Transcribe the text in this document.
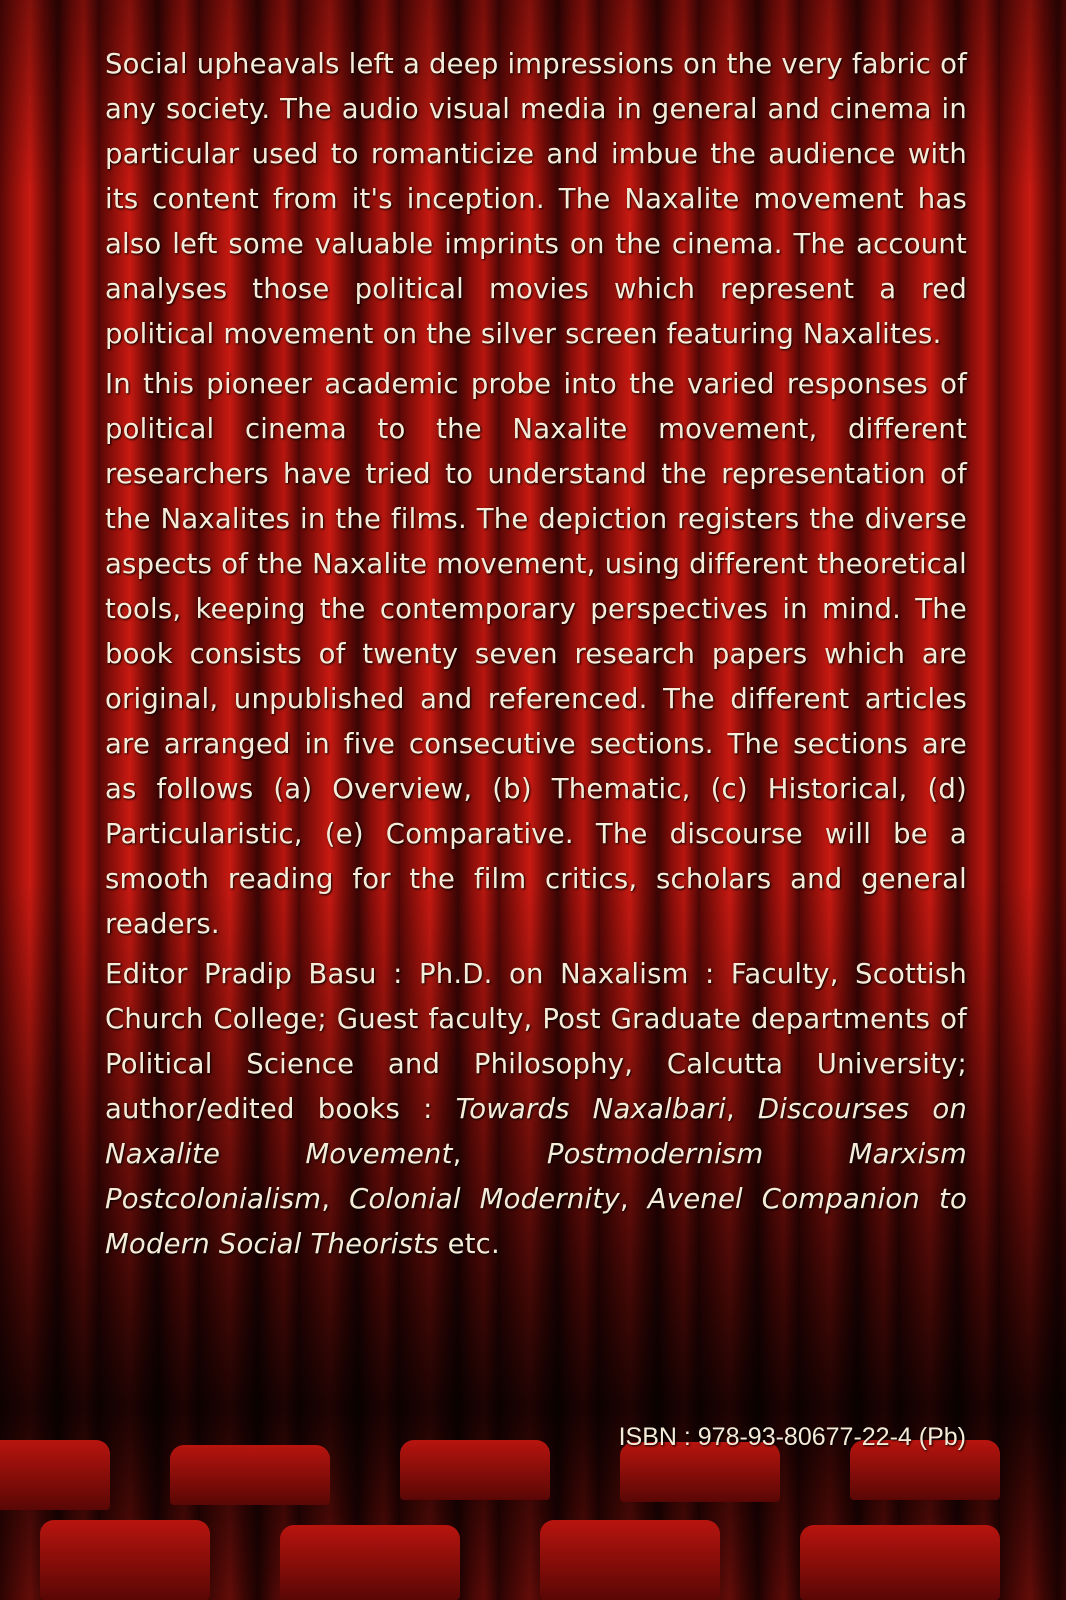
Social upheavals left a deep impressions on the very fabric of any society. The audio visual media in general and cinema in particular used to romanticize and imbue the audience with its content from it's inception. The Naxalite movement has also left some valuable imprints on the cinema. The account analyses those political movies which represent a red political movement on the silver screen featuring Naxalites.

In this pioneer academic probe into the varied responses of political cinema to the Naxalite movement, different researchers have tried to understand the representation of the Naxalites in the films. The depiction registers the diverse aspects of the Naxalite movement, using different theoretical tools, keeping the contemporary perspectives in mind. The book consists of twenty seven research papers which are original, unpublished and referenced. The different articles are arranged in five consecutive sections. The sections are as follows (a) Overview, (b) Thematic, (c) Historical, (d) Particularistic, (e) Comparative. The discourse will be a smooth reading for the film critics, scholars and general readers.

Editor Pradip Basu : Ph.D. on Naxalism : Faculty, Scottish Church College; Guest faculty, Post Graduate departments of Political Science and Philosophy, Calcutta University; author/edited books : Towards Naxalbari, Discourses on Naxalite Movement, Postmodernism Marxism Postcolonialism, Colonial Modernity, Avenel Companion to Modern Social Theorists etc.

ISBN : 978-93-80677-22-4 (Pb)
